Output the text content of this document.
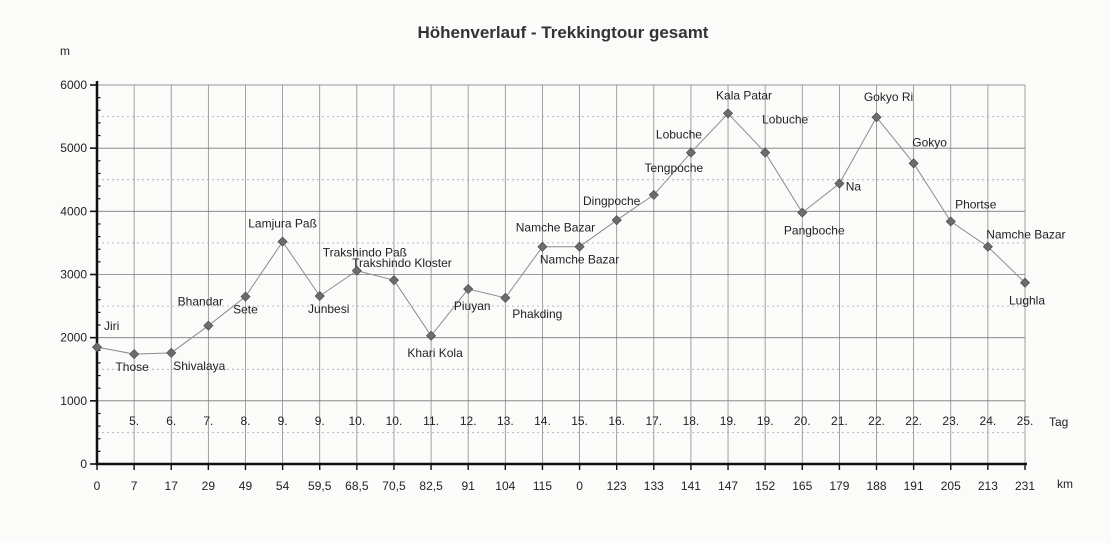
Höhenverlauf - Trekkingtour gesamt
m
km
Tag
0
1000
2000
3000
4000
5000
6000
0	7 17 29 49 54 59,5 68,5 70,5 82,5 91 104 115 0 123 133 141 147 152 165 179 188 191 205 213 231
5. 6. 7. 8. 9. 9. 10. 10. 11. 12. 13. 14. 15. 16. 17. 18. 19. 19. 20. 21. 22. 22. 23. 24. 25.
Jiri
Those Shivalaya
Bhandar
Sete
Lamjura Paß
Junbesi
Trakshindo Paß
Trakshindo Kloster
Khari Kola
Piuyan
Phakding
Namche Bazar
Namche Bazar
Dingpoche
Tengpoche
Lobuche
Kala Patar
Lobuche
Pangboche
Na
Gokyo Ri
Gokyo
Phortse
Namche Bazar
Lughla
